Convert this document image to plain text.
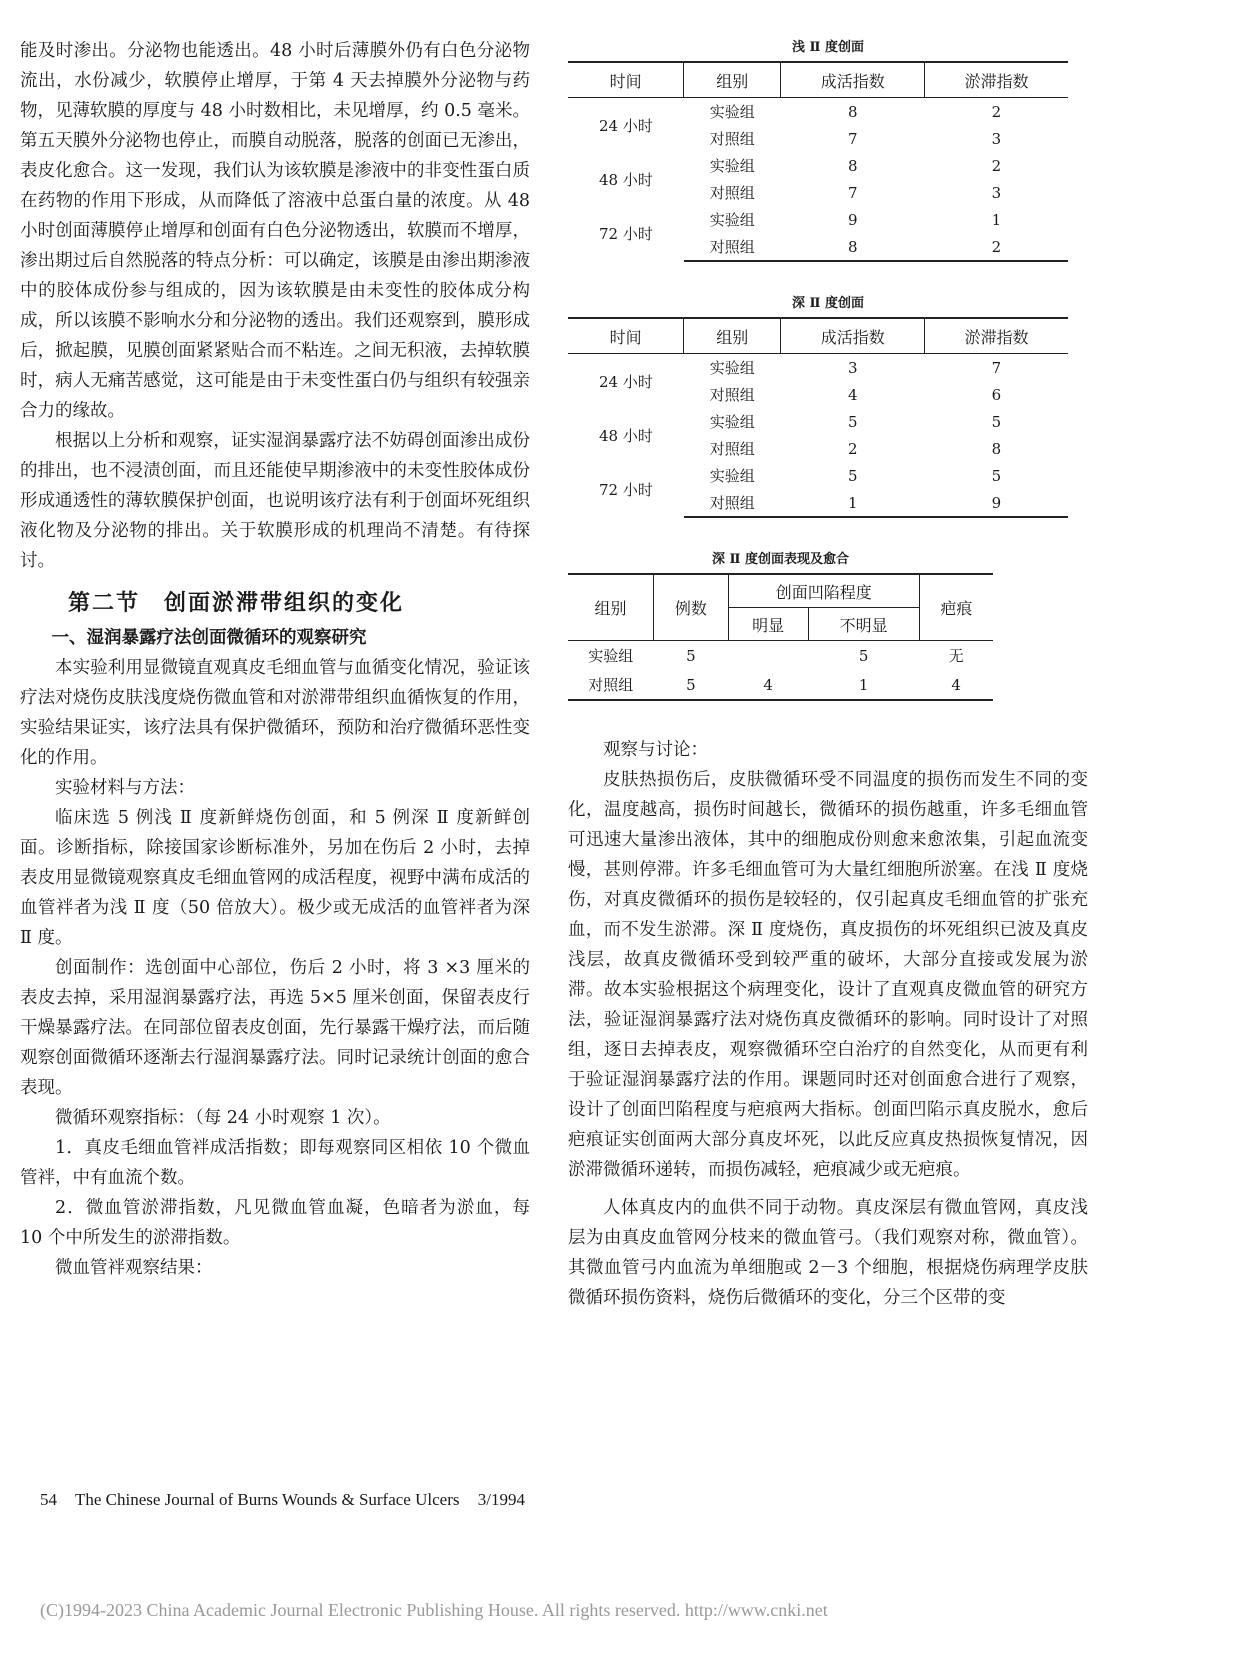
能及时渗出。分泌物也能透出。48 小时后薄膜外仍有白色分泌物流出，水份减少，软膜停止增厚，于第 4 天去掉膜外分泌物与药物，见薄软膜的厚度与 48 小时数相比，未见增厚，约 0.5 毫米。第五天膜外分泌物也停止，而膜自动脱落，脱落的创面已无渗出，表皮化愈合。这一发现，我们认为该软膜是渗液中的非变性蛋白质在药物的作用下形成，从而降低了溶液中总蛋白量的浓度。从 48 小时创面薄膜停止增厚和创面有白色分泌物透出，软膜而不增厚，渗出期过后自然脱落的特点分析：可以确定，该膜是由渗出期渗液中的胶体成份参与组成的，因为该软膜是由未变性的胶体成分构成，所以该膜不影响水分和分泌物的透出。我们还观察到，膜形成后，掀起膜，见膜创面紧紧贴合而不粘连。之间无积液，去掉软膜时，病人无痛苦感觉，这可能是由于未变性蛋白仍与组织有较强亲合力的缘故。

根据以上分析和观察，证实湿润暴露疗法不妨碍创面渗出成份的排出，也不浸渍创面，而且还能使早期渗液中的未变性胶体成份形成通透性的薄软膜保护创面，也说明该疗法有利于创面坏死组织液化物及分泌物的排出。关于软膜形成的机理尚不清楚。有待探讨。

第二节　创面淤滞带组织的变化
一、湿润暴露疗法创面微循环的观察研究

本实验利用显微镜直观真皮毛细血管与血循变化情况，验证该疗法对烧伤皮肤浅度烧伤微血管和对淤滞带组织血循恢复的作用，实验结果证实，该疗法具有保护微循环，预防和治疗微循环恶性变化的作用。

实验材料与方法：

临床选 5 例浅 Ⅱ 度新鲜烧伤创面，和 5 例深 Ⅱ 度新鲜创面。诊断指标，除接国家诊断标准外，另加在伤后 2 小时，去掉表皮用显微镜观察真皮毛细血管网的成活程度，视野中满布成活的血管袢者为浅 Ⅱ 度（50 倍放大）。极少或无成活的血管袢者为深 Ⅱ 度。

创面制作：选创面中心部位，伤后 2 小时，将 3 ×3 厘米的表皮去掉，采用湿润暴露疗法，再选 5×5 厘米创面，保留表皮行干燥暴露疗法。在同部位留表皮创面，先行暴露干燥疗法，而后随观察创面微循环逐渐去行湿润暴露疗法。同时记录统计创面的愈合表现。

微循环观察指标：（每 24 小时观察 1 次）。

1．真皮毛细血管袢成活指数；即每观察同区相依 10 个微血管袢，中有血流个数。

2．微血管淤滞指数，凡见微血管血凝，色暗者为淤血，每 10 个中所发生的淤滞指数。

微血管袢观察结果：

浅 Ⅱ 度创面
时间	组别	成活指数	淤滞指数
24 小时	实验组	8	2
	对照组	7	3
48 小时	实验组	8	2
	对照组	7	3
72 小时	实验组	9	1
	对照组	8	2
深 Ⅱ 度创面
时间	组别	成活指数	淤滞指数
24 小时	实验组	3	7
	对照组	4	6
48 小时	实验组	5	5
	对照组	2	8
72 小时	实验组	5	5
	对照组	1	9
深 Ⅱ 度创面表现及愈合
组别	例数	创面凹陷程度		疤痕
		明显	不明显	
实验组	5		5	无
对照组	5	4	1	4

观察与讨论：

皮肤热损伤后，皮肤微循环受不同温度的损伤而发生不同的变化，温度越高，损伤时间越长，微循环的损伤越重，许多毛细血管可迅速大量渗出液体，其中的细胞成份则愈来愈浓集，引起血流变慢，甚则停滞。许多毛细血管可为大量红细胞所淤塞。在浅 Ⅱ 度烧伤，对真皮微循环的损伤是较轻的，仅引起真皮毛细血管的扩张充血，而不发生淤滞。深 Ⅱ 度烧伤，真皮损伤的坏死组织已波及真皮浅层，故真皮微循环受到较严重的破坏，大部分直接或发展为淤滞。故本实验根据这个病理变化，设计了直观真皮微血管的研究方法，验证湿润暴露疗法对烧伤真皮微循环的影响。同时设计了对照组，逐日去掉表皮，观察微循环空白治疗的自然变化，从而更有利于验证湿润暴露疗法的作用。课题同时还对创面愈合进行了观察，设计了创面凹陷程度与疤痕两大指标。创面凹陷示真皮脱水，愈后疤痕证实创面两大部分真皮坏死，以此反应真皮热损恢复情况，因淤滞微循环递转，而损伤减轻，疤痕减少或无疤痕。

人体真皮内的血供不同于动物。真皮深层有微血管网，真皮浅层为由真皮血管网分枝来的微血管弓。（我们观察对称，微血管）。其微血管弓内血流为单细胞或 2－3 个细胞，根据烧伤病理学皮肤微循环损伤资料，烧伤后微循环的变化，分三个区带的变

54 The Chinese Journal of Burns Wounds & Surface Ulcers 3/1994
(C)1994-2023 China Academic Journal Electronic Publishing House. All rights reserved. http://www.cnki.net
